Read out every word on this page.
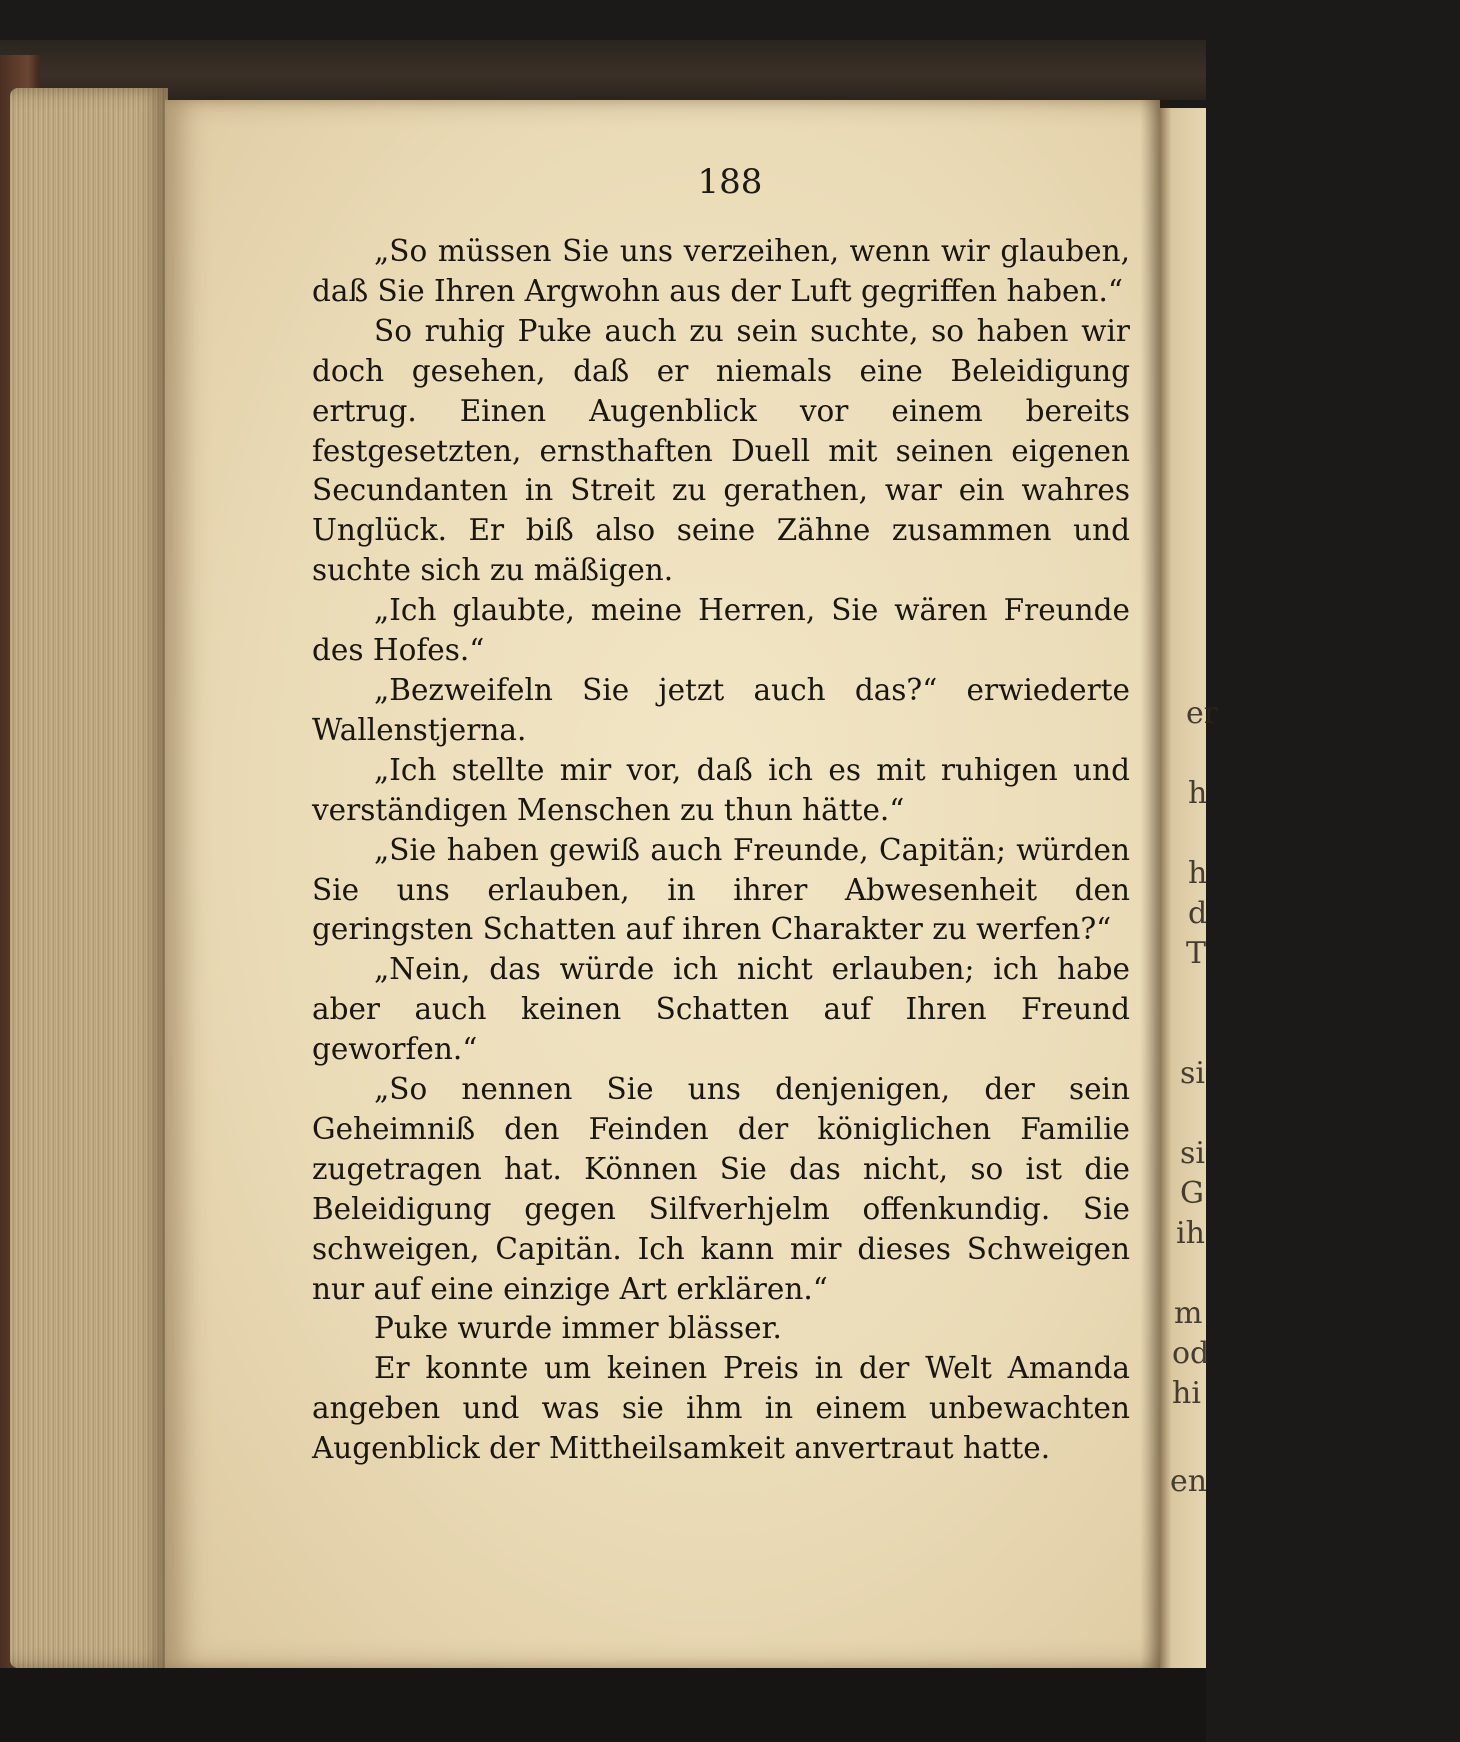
er
h
h
d
T
si
si
G
ih
m
od
hi
en
188

„So müssen Sie uns verzeihen, wenn wir glauben, daß Sie Ihren Argwohn aus der Luft gegriffen haben.“

So ruhig Puke auch zu sein suchte, so haben wir doch gesehen, daß er niemals eine Beleidigung ertrug. Einen Augenblick vor einem bereits festgesetzten, ernsthaften Duell mit seinen eigenen Secundanten in Streit zu gerathen, war ein wahres Unglück. Er biß also seine Zähne zusammen und suchte sich zu mäßigen.

„Ich glaubte, meine Herren, Sie wären Freunde des Hofes.“

„Bezweifeln Sie jetzt auch das?“ erwiederte Wallenstjerna.

„Ich stellte mir vor, daß ich es mit ruhigen und verständigen Menschen zu thun hätte.“

„Sie haben gewiß auch Freunde, Capitän; würden Sie uns erlauben, in ihrer Abwesenheit den geringsten Schatten auf ihren Charakter zu werfen?“

„Nein, das würde ich nicht erlauben; ich habe aber auch keinen Schatten auf Ihren Freund geworfen.“

„So nennen Sie uns denjenigen, der sein Geheimniß den Feinden der königlichen Familie zugetragen hat. Können Sie das nicht, so ist die Beleidigung gegen Silfverhjelm offenkundig. Sie schweigen, Capitän. Ich kann mir dieses Schweigen nur auf eine einzige Art erklären.“

Puke wurde immer blässer.

Er konnte um keinen Preis in der Welt Amanda angeben und was sie ihm in einem unbewachten Augenblick der Mittheilsamkeit anvertraut hatte.
